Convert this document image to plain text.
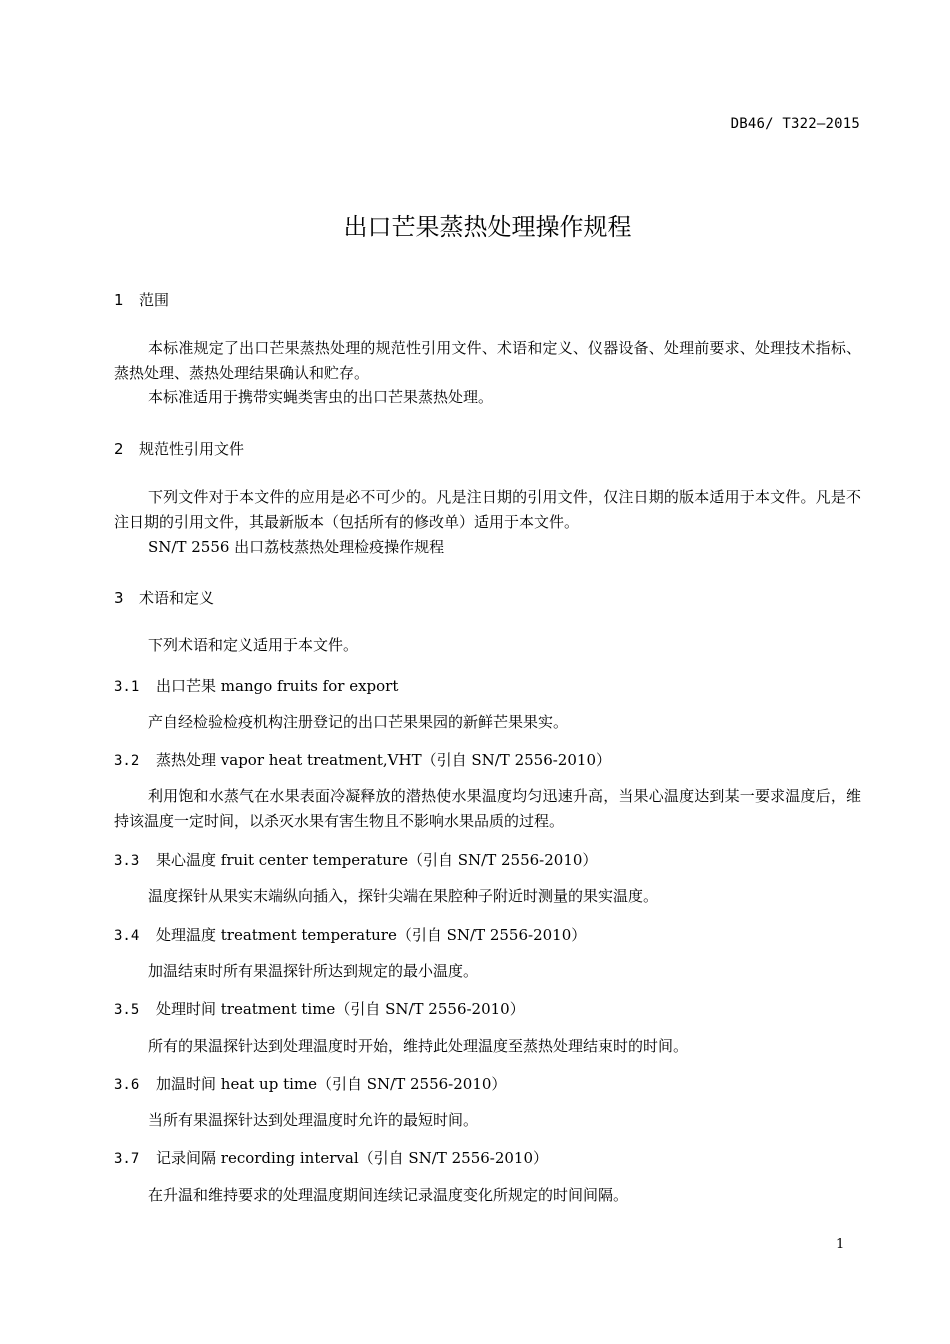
DB46/ T322—2015
出口芒果蒸热处理操作规程
1 范围
本标准规定了出口芒果蒸热处理的规范性引用文件、术语和定义、仪器设备、处理前要求、处理技术指标、蒸热处理、蒸热处理结果确认和贮存。
本标准适用于携带实蝇类害虫的出口芒果蒸热处理。
2 规范性引用文件
下列文件对于本文件的应用是必不可少的。凡是注日期的引用文件，仅注日期的版本适用于本文件。凡是不注日期的引用文件，其最新版本（包括所有的修改单）适用于本文件。
SN/T 2556 出口荔枝蒸热处理检疫操作规程
3 术语和定义
下列术语和定义适用于本文件。
3.1 出口芒果 mango fruits for export
产自经检验检疫机构注册登记的出口芒果果园的新鲜芒果果实。
3.2 蒸热处理 vapor heat treatment,VHT（引自 SN/T 2556-2010）
利用饱和水蒸气在水果表面冷凝释放的潜热使水果温度均匀迅速升高，当果心温度达到某一要求温度后，维持该温度一定时间，以杀灭水果有害生物且不影响水果品质的过程。
3.3 果心温度 fruit center temperature（引自 SN/T 2556-2010）
温度探针从果实末端纵向插入，探针尖端在果腔种子附近时测量的果实温度。
3.4 处理温度 treatment temperature（引自 SN/T 2556-2010）
加温结束时所有果温探针所达到规定的最小温度。
3.5 处理时间 treatment time（引自 SN/T 2556-2010）
所有的果温探针达到处理温度时开始，维持此处理温度至蒸热处理结束时的时间。
3.6 加温时间 heat up time（引自 SN/T 2556-2010）
当所有果温探针达到处理温度时允许的最短时间。
3.7 记录间隔 recording interval（引自 SN/T 2556-2010）
在升温和维持要求的处理温度期间连续记录温度变化所规定的时间间隔。
1
